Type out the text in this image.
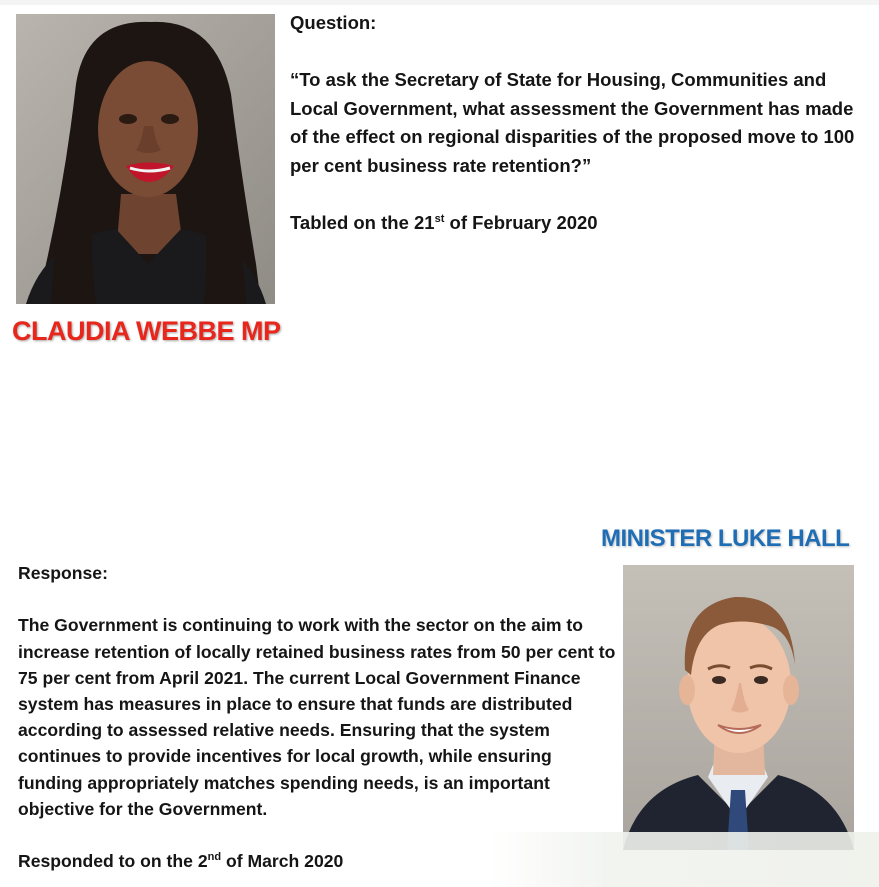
CLAUDIA WEBBE MP

Question:

“To ask the Secretary of State for Housing, Communities and Local Government, what assessment the Government has made of the effect on regional disparities of the proposed move to 100 per cent business rate retention?”

Tabled on the 21st of February 2020

MINISTER LUKE HALL

Response:

The Government is continuing to work with the sector on the aim to increase retention of locally retained business rates from 50 per cent to 75 per cent from April 2021. The current Local Government Finance system has measures in place to ensure that funds are distributed according to assessed relative needs. Ensuring that the system continues to provide incentives for local growth, while ensuring funding appropriately matches spending needs, is an important objective for the Government.

Responded to on the 2nd of March 2020
